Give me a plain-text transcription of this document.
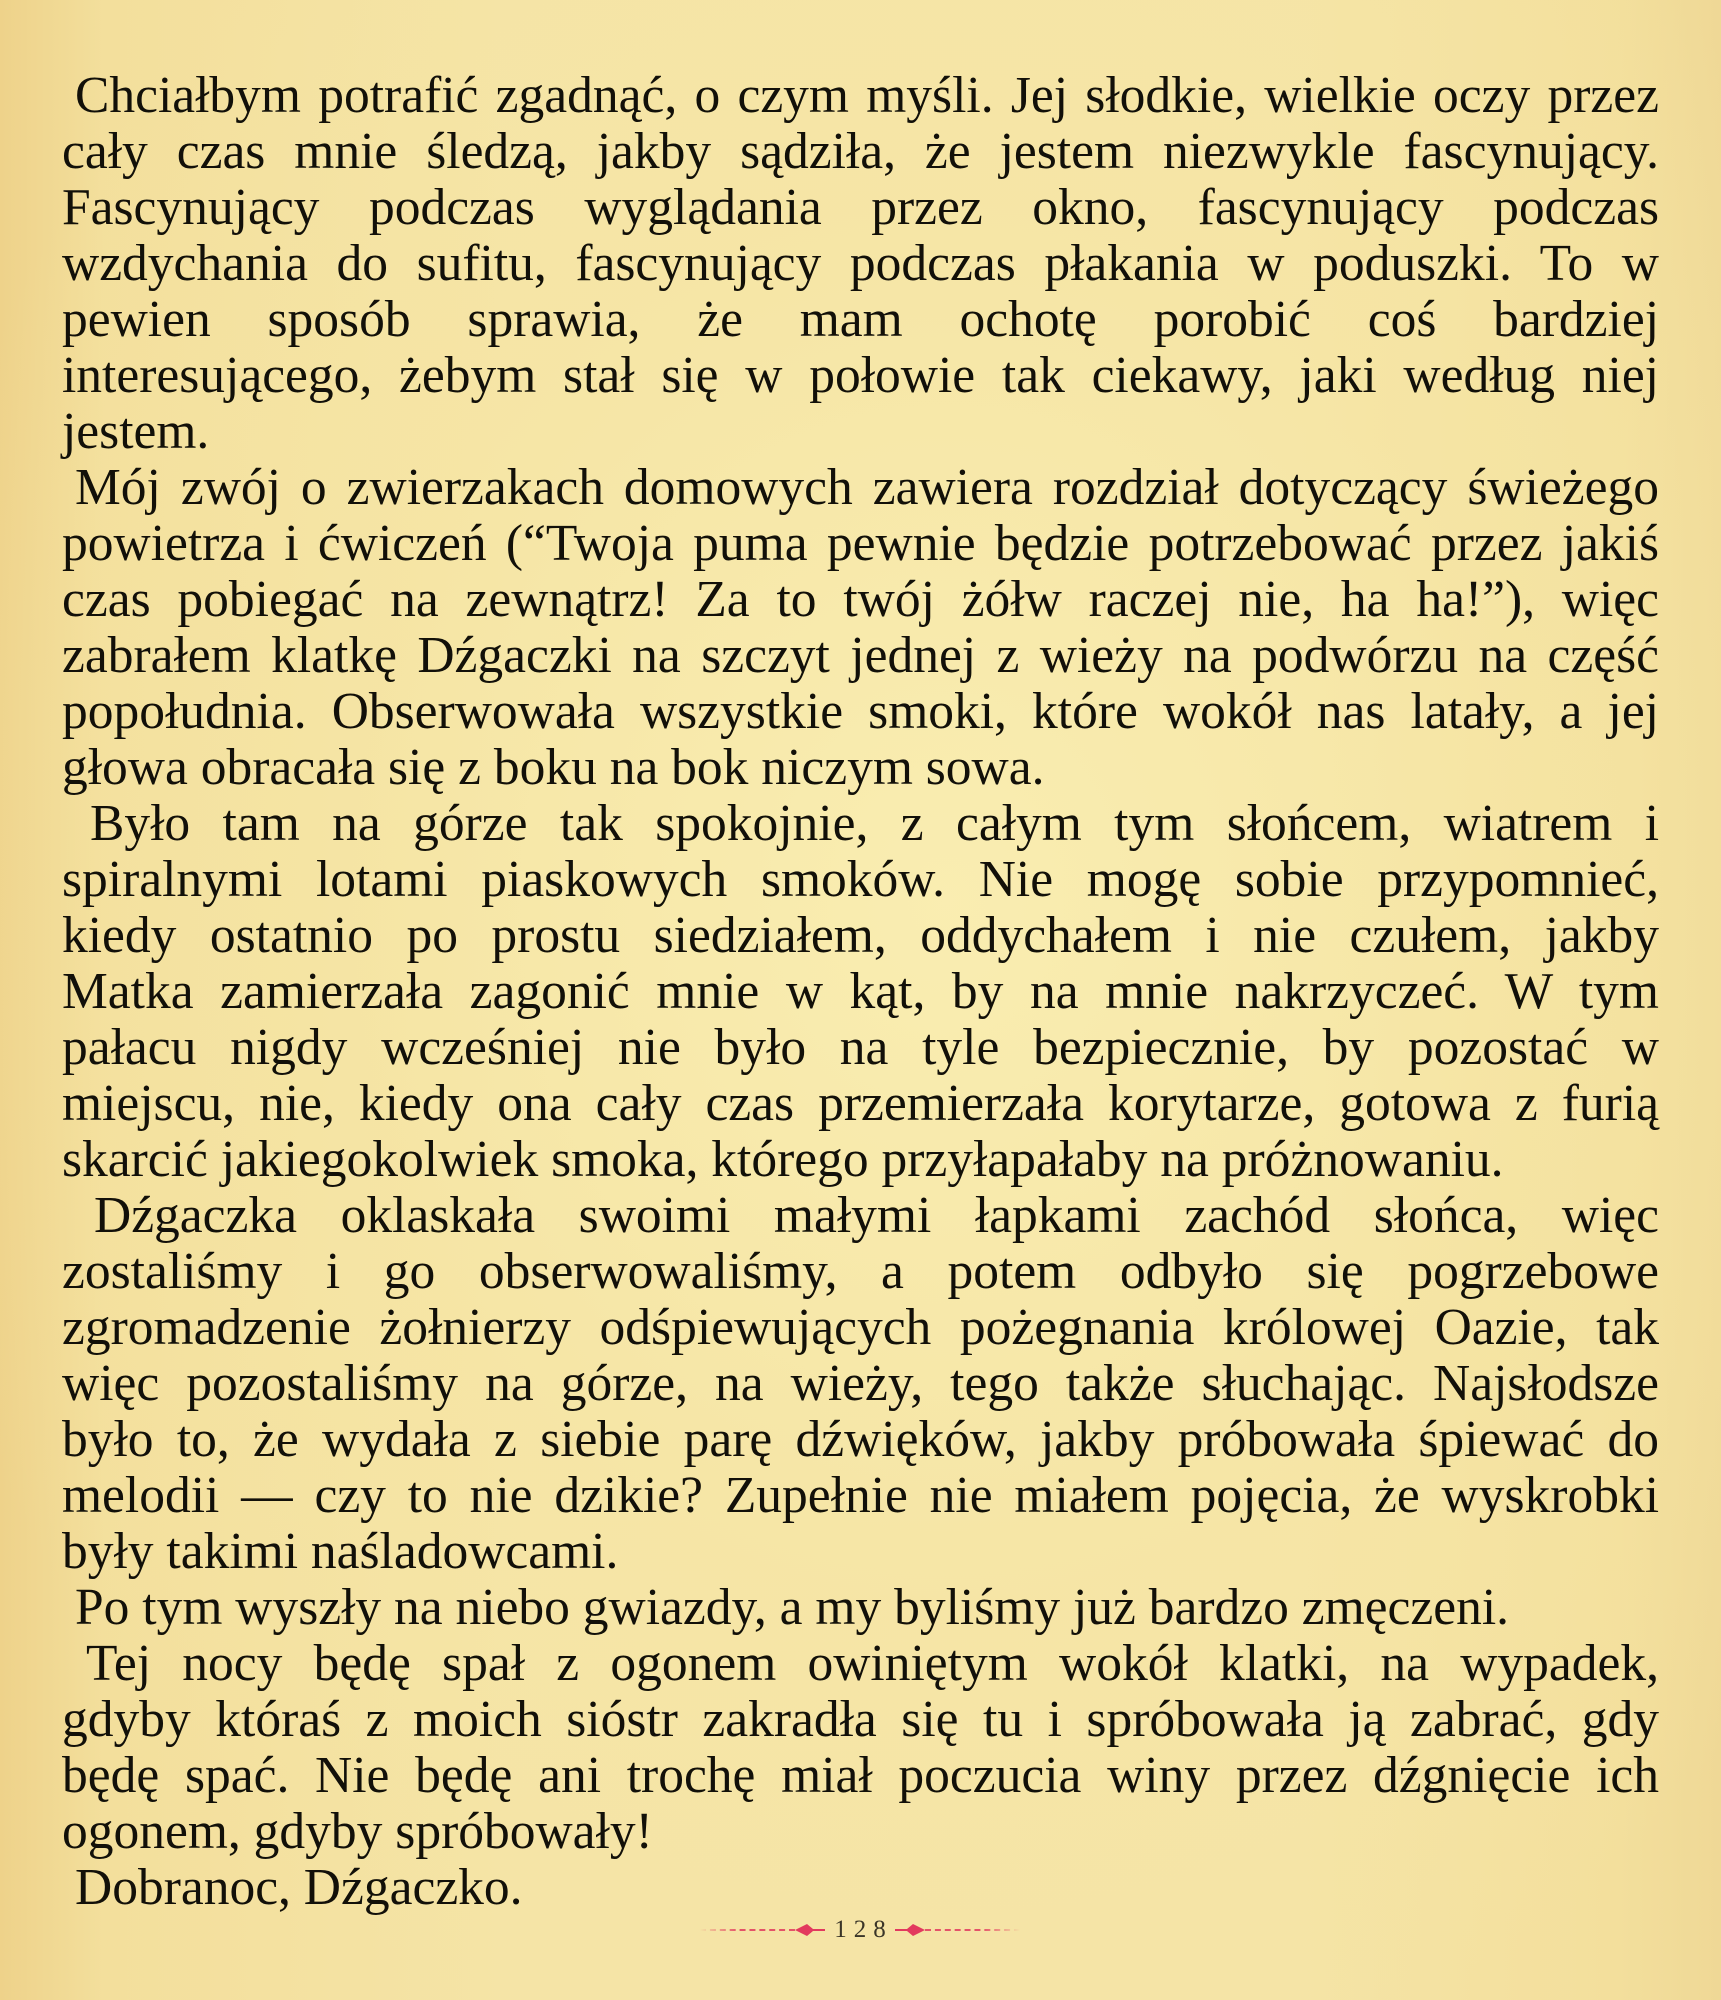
Chciałbym potrafić zgadnąć, o czym myśli. Jej słodkie, wielkie oczy przez
cały czas mnie śledzą, jakby sądziła, że jestem niezwykle fascynujący.
Fascynujący podczas wyglądania przez okno, fascynujący podczas
wzdychania do sufitu, fascynujący podczas płakania w poduszki. To w
pewien sposób sprawia, że mam ochotę porobić coś bardziej
interesującego, żebym stał się w połowie tak ciekawy, jaki według niej
jestem.
Mój zwój o zwierzakach domowych zawiera rozdział dotyczący świeżego
powietrza i ćwiczeń (“Twoja puma pewnie będzie potrzebować przez jakiś
czas pobiegać na zewnątrz! Za to twój żółw raczej nie, ha ha!”), więc
zabrałem klatkę Dźgaczki na szczyt jednej z wieży na podwórzu na część
popołudnia. Obserwowała wszystkie smoki, które wokół nas latały, a jej
głowa obracała się z boku na bok niczym sowa.
Było tam na górze tak spokojnie, z całym tym słońcem, wiatrem i
spiralnymi lotami piaskowych smoków. Nie mogę sobie przypomnieć,
kiedy ostatnio po prostu siedziałem, oddychałem i nie czułem, jakby
Matka zamierzała zagonić mnie w kąt, by na mnie nakrzyczeć. W tym
pałacu nigdy wcześniej nie było na tyle bezpiecznie, by pozostać w
miejscu, nie, kiedy ona cały czas przemierzała korytarze, gotowa z furią
skarcić jakiegokolwiek smoka, którego przyłapałaby na próżnowaniu.
Dźgaczka oklaskała swoimi małymi łapkami zachód słońca, więc
zostaliśmy i go obserwowaliśmy, a potem odbyło się pogrzebowe
zgromadzenie żołnierzy odśpiewujących pożegnania królowej Oazie, tak
więc pozostaliśmy na górze, na wieży, tego także słuchając. Najsłodsze
było to, że wydała z siebie parę dźwięków, jakby próbowała śpiewać do
melodii — czy to nie dzikie? Zupełnie nie miałem pojęcia, że wyskrobki
były takimi naśladowcami.
Po tym wyszły na niebo gwiazdy, a my byliśmy już bardzo zmęczeni.
Tej nocy będę spał z ogonem owiniętym wokół klatki, na wypadek,
gdyby któraś z moich sióstr zakradła się tu i spróbowała ją zabrać, gdy
będę spać. Nie będę ani trochę miał poczucia winy przez dźgnięcie ich
ogonem, gdyby spróbowały!
Dobranoc, Dźgaczko.
128
